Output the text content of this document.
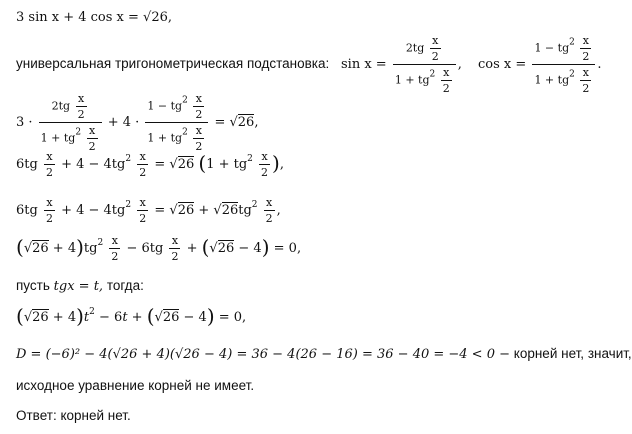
3 sin x + 4 cos x = √26,
универсальная тригонометрическая подстановка: $\sin x = \frac{2tg \frac{x}{2}}{1 + tg^2 \frac{x}{2}}$ , $\cos x = \frac{1 - tg^2 \frac{x}{2}}{1 + tg^2 \frac{x}{2}}$ .
$3 \cdot \frac{2tg \frac{x}{2}}{1 + tg^2 \frac{x}{2}} + 4 \cdot \frac{1 - tg^2 \frac{x}{2}}{1 + tg^2 \frac{x}{2}} = √26$,
$6tg \frac{x}{2} + 4 - 4tg^2 \frac{x}{2} = √26$ ($1 + tg^2 \frac{x}{2}$ ),
$6tg \frac{x}{2} + 4 - 4tg^2 \frac{x}{2} = √26 + √26tg^2 \frac{x}{2}$ ,
$(√26 + 4)tg^2 \frac{x}{2} - 6tg \frac{x}{2} + (√26 - 4) = 0$,
пусть tgx = t, тогда:
$(√26 + 4)t^2 - 6t + (√26 - 4) = 0$,
D = (−6)² − 4(√26 + 4)(√26 − 4) = 36 − 4(26 − 16) = 36 − 40 = −4 < 0 − корней нет, значит,
исходное уравнение корней не имеет.
Ответ: корней нет.
